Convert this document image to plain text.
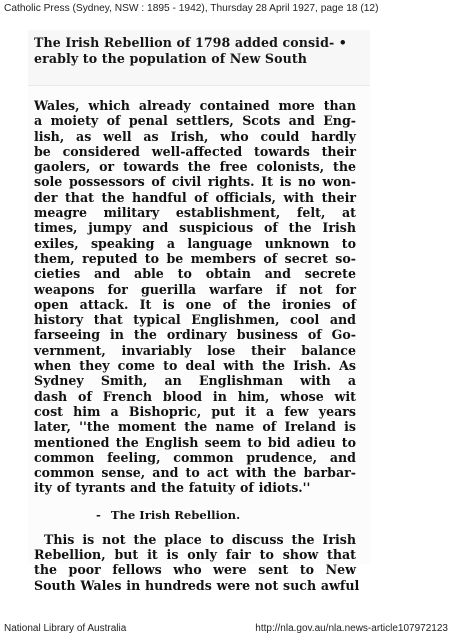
Catholic Press (Sydney, NSW : 1895 - 1942), Thursday 28 April 1927, page 18 (12)
The Irish Rebellion of 1798 added consid- •
erably to the population of New South
Wales, which already contained more than
a moiety of penal settlers, Scots and Eng-
lish, as well as Irish, who could hardly
be considered well-affected towards their
gaolers, or towards the free colonists, the
sole possessors of civil rights. It is no won-
der that the handful of officials, with their
meagre military establishment, felt, at
times, jumpy and suspicious of the Irish
exiles, speaking a language unknown to
them, reputed to be members of secret so-
cieties and able to obtain and secrete
weapons for guerilla warfare if not for
open attack. It is one of the ironies of
history that typical Englishmen, cool and
farseeing in the ordinary business of Go-
vernment, invariably lose their balance
when they come to deal with the Irish. As
Sydney Smith, an Englishman with a
dash of French blood in him, whose wit
cost him a Bishopric, put it a few years
later, ''the moment the name of Ireland is
mentioned the English seem to bid adieu to
common feeling, common prudence, and
common sense, and to act with the barbar-
ity of tyrants and the fatuity of idiots.''
- The Irish Rebellion.
This is not the place to discuss the Irish
Rebellion, but it is only fair to show that
the poor fellows who were sent to New
South Wales in hundreds were not such awful
National Library of Australia	http://nla.gov.au/nla.news-article107972123
